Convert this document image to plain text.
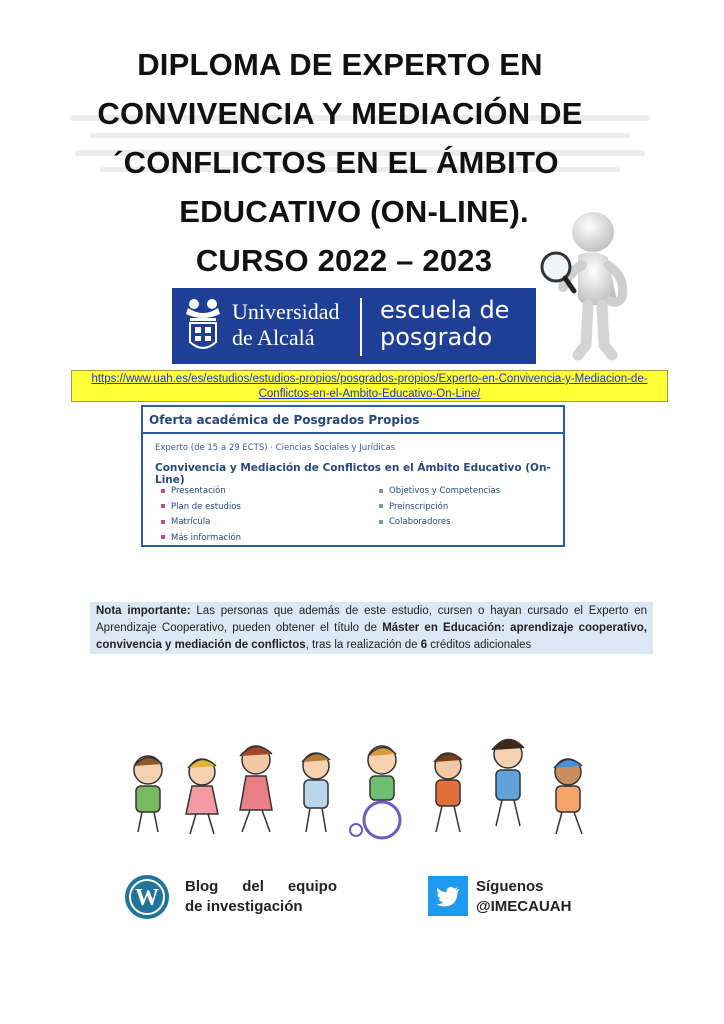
DIPLOMA DE EXPERTO EN
CONVIVENCIA Y MEDIACIÓN DE
´CONFLICTOS EN EL ÁMBITO
EDUCATIVO (ON-LINE).
CURSO 2022 – 2023
Universidad
de Alcalá
escuela de
posgrado
https://www.uah.es/es/estudios/estudios-propios/posgrados-propios/Experto-en-Convivencia-y-Mediacion-de-
Conflictos-en-el-Ambito-Educativo-On-Line/
Oferta académica de Posgrados Propios
Experto (de 15 a 29 ECTS) · Ciencias Sociales y Jurídicas
Convivencia y Mediación de Conflictos en el Ámbito Educativo (On-Line)
Presentación
Plan de estudios
Matrícula
Más información
Objetivos y Competencias
Preinscripción
Colaboradores
Nota importante: Las personas que además de este estudio, cursen o hayan cursado el Experto en Aprendizaje Cooperativo, pueden obtener el título de Máster en Educación: aprendizaje cooperativo, convivencia y mediación de conflictos, tras la realización de 6 créditos adicionales
W Blog del equipo
de investigación
Síguenos
@IMECAUAH
